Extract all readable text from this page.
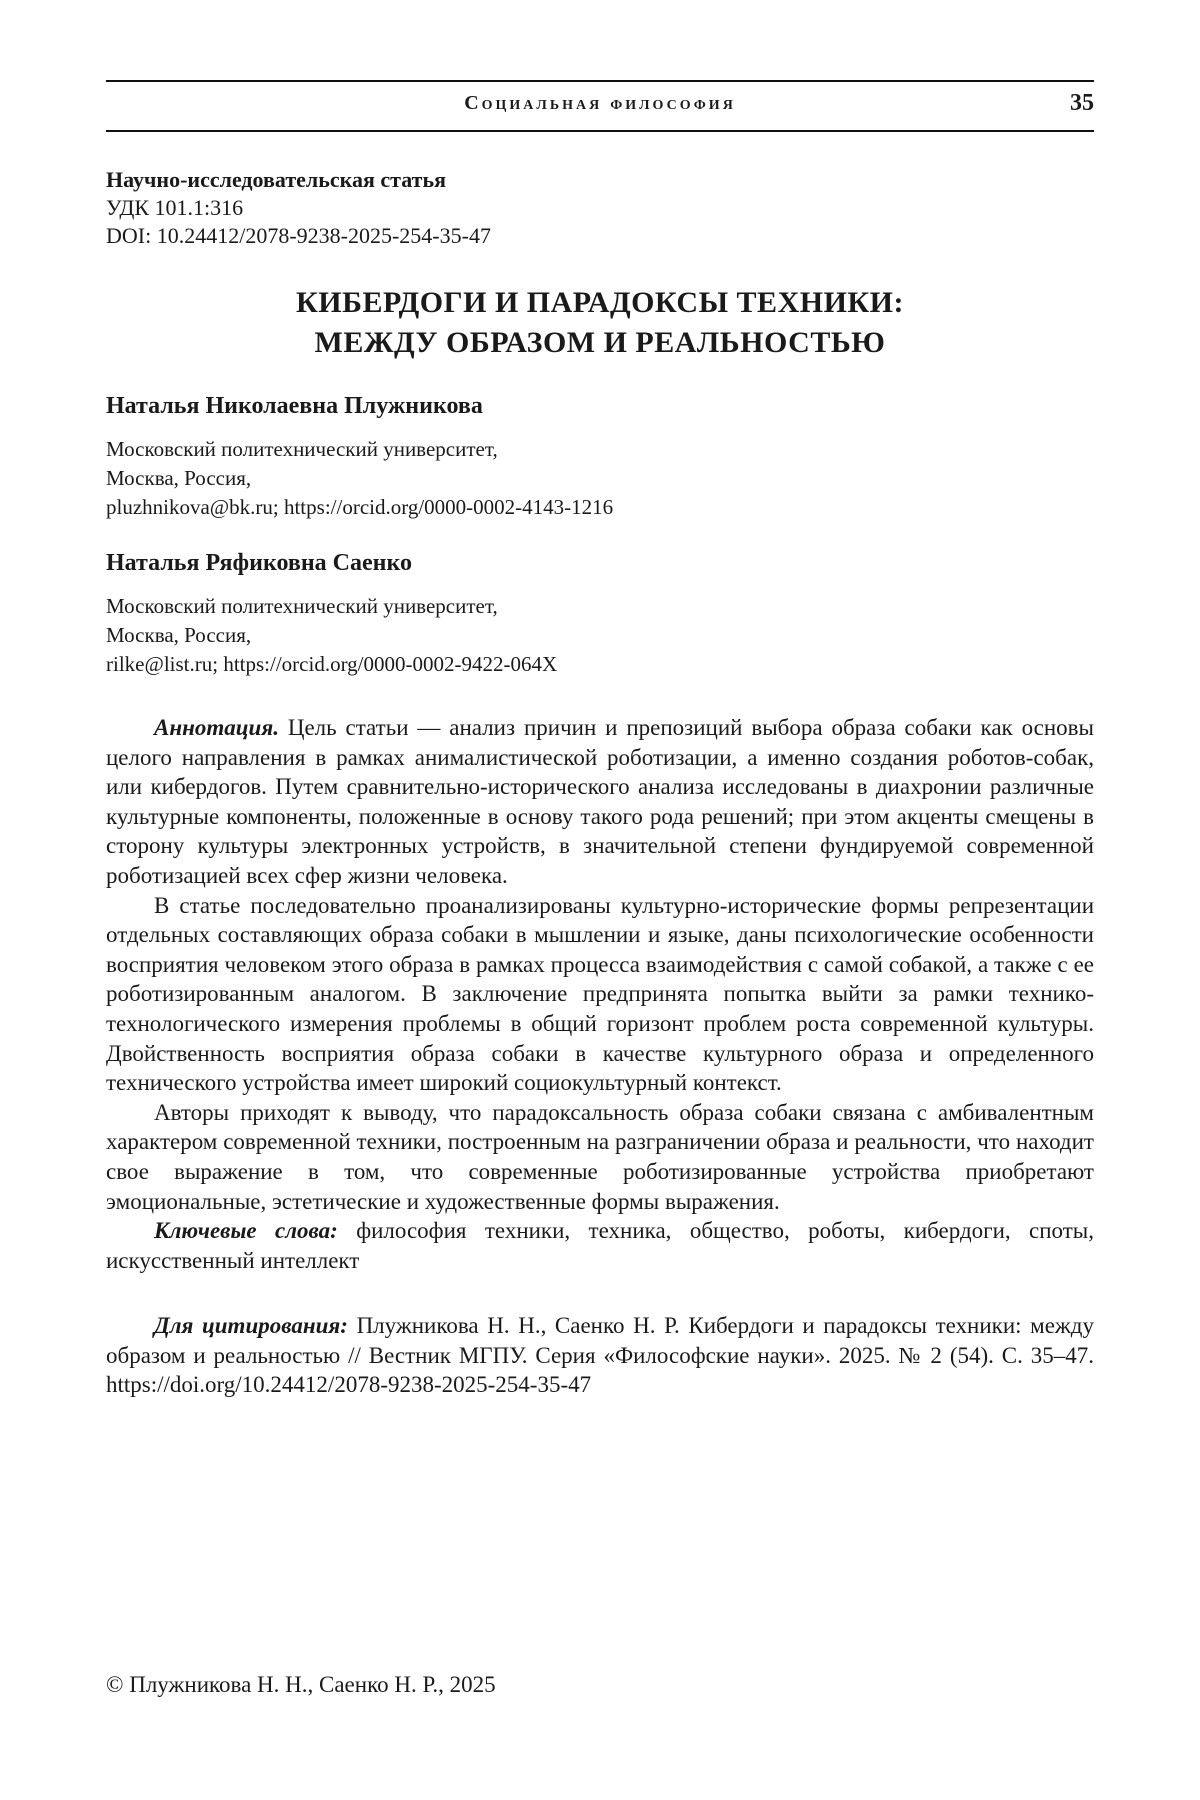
Социальная философия	35
Научно-исследовательская статья
УДК 101.1:316
DOI: 10.24412/2078-9238-2025-254-35-47
КИБЕРДОГИ И ПАРАДОКСЫ ТЕХНИКИ:
МЕЖДУ ОБРАЗОМ И РЕАЛЬНОСТЬЮ
Наталья Николаевна Плужникова
Московский политехнический университет,
Москва, Россия,
pluzhnikova@bk.ru; https://orcid.org/0000-0002-4143-1216
Наталья Ряфиковна Саенко
Московский политехнический университет,
Москва, Россия,
rilke@list.ru; https://orcid.org/0000-0002-9422-064X

Аннотация. Цель статьи — анализ причин и препозиций выбора образа собаки как основы целого направления в рамках анималистической роботизации, а именно создания роботов-собак, или кибердогов. Путем сравнительно-исторического анализа исследованы в диахронии различные культурные компоненты, положенные в основу такого рода решений; при этом акценты смещены в сторону культуры электронных устройств, в значительной степени фундируемой современной роботизацией всех сфер жизни человека.

В статье последовательно проанализированы культурно-исторические формы репрезентации отдельных составляющих образа собаки в мышлении и языке, даны психологические особенности восприятия человеком этого образа в рамках процесса взаимодействия с самой собакой, а также с ее роботизированным аналогом. В заключение предпринята попытка выйти за рамки технико-технологического измерения проблемы в общий горизонт проблем роста современной культуры. Двойственность восприятия образа собаки в качестве культурного образа и определенного технического устройства имеет широкий социокультурный контекст.

Авторы приходят к выводу, что парадоксальность образа собаки связана с амбивалентным характером современной техники, построенным на разграничении образа и реальности, что находит свое выражение в том, что современные роботизированные устройства приобретают эмоциональные, эстетические и художественные формы выражения.

Ключевые слова: философия техники, техника, общество, роботы, кибердоги, споты, искусственный интеллект

Для цитирования: Плужникова Н. Н., Саенко Н. Р. Кибердоги и парадоксы техники: между образом и реальностью // Вестник МГПУ. Серия «Философские науки». 2025. № 2 (54). С. 35–47. https://doi.org/10.24412/2078-9238-2025-254-35-47
© Плужникова Н. Н., Саенко Н. Р., 2025
